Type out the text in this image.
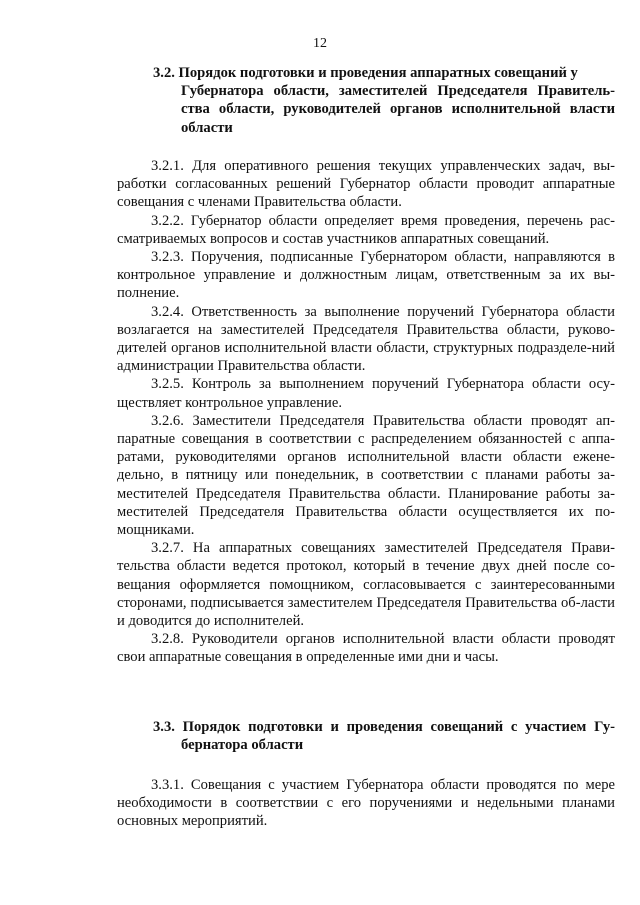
12

3.2. Порядок подготовки и проведения аппаратных совещаний у

Губернатора области, заместителей Председателя Правитель-ства области, руководителей органов исполнительной власти области

3.2.1. Для оперативного решения текущих управленческих задач, вы-работки согласованных решений Губернатор области проводит аппаратные совещания с членами Правительства области.

3.2.2. Губернатор области определяет время проведения, перечень рас-сматриваемых вопросов и состав участников аппаратных совещаний.

3.2.3. Поручения, подписанные Губернатором области, направляются в контрольное управление и должностным лицам, ответственным за их вы-полнение.

3.2.4. Ответственность за выполнение поручений Губернатора области возлагается на заместителей Председателя Правительства области, руково-дителей органов исполнительной власти области, структурных подразделе-ний администрации Правительства области.

3.2.5. Контроль за выполнением поручений Губернатора области осу-ществляет контрольное управление.

3.2.6. Заместители Председателя Правительства области проводят ап-паратные совещания в соответствии с распределением обязанностей с аппа-ратами, руководителями органов исполнительной власти области еженe-дельно, в пятницу или понедельник, в соответствии с планами работы за-местителей Председателя Правительства области. Планирование работы за-местителей Председателя Правительства области осуществляется их по-мощниками.

3.2.7. На аппаратных совещаниях заместителей Председателя Прави-тельства области ведется протокол, который в течение двух дней после со-вещания оформляется помощником, согласовывается с заинтересованными сторонами, подписывается заместителем Председателя Правительства об-ласти и доводится до исполнителей.

3.2.8. Руководители органов исполнительной власти области проводят свои аппаратные совещания в определенные ими дни и часы.

3.3. Порядок подготовки и проведения совещаний с участием Гу-бернатора области

3.3.1. Совещания с участием Губернатора области проводятся по мере необходимости в соответствии с его поручениями и недельными планами основных мероприятий.
